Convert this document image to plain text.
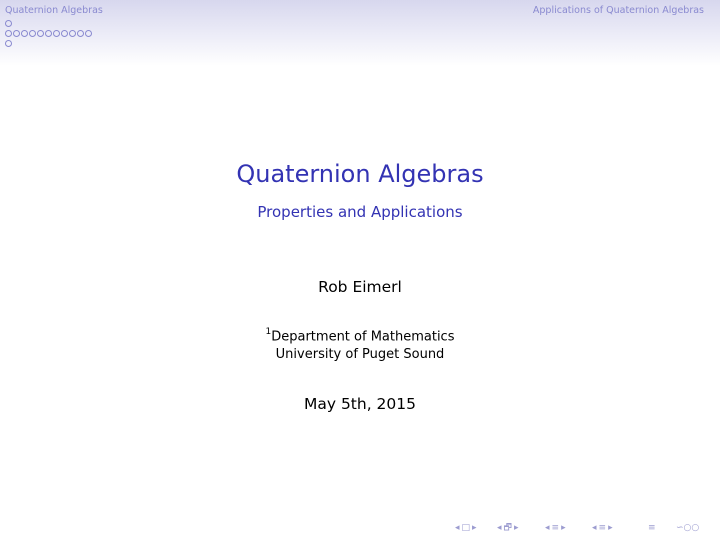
Quaternion Algebras	Applications of Quaternion Algebras
Quaternion Algebras
Properties and Applications
Rob Eimerl
$^1$Department of Mathematics
University of Puget Sound
May 5th, 2015
◂ □ ▸ ◂ 🗗 ▸	◂ ≡ ▸	◂ ≡ ▸	≡ ∽○○
